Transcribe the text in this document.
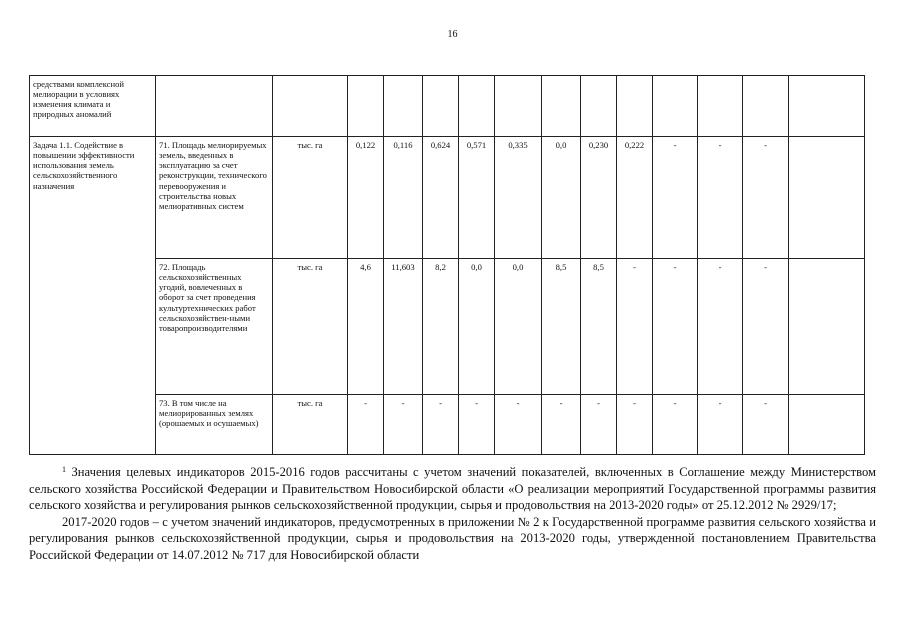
16
средствами комплексной мелиорации в условиях изменения климата и природных аномалий														
Задача 1.1. Содействие в повышении эффективности использования земель сельскохозяйственного назначения	71. Площадь мелиорируемых земель, введенных в эксплуатацию за счет реконструкции, технического перевооружения и строительства новых мелиоративных систем	тыс. га	0,122	0,116	0,624	0,571	0,335	0,0	0,230	0,222	-	-	-	
	72. Площадь сельскохозяйственных угодий, вовлеченных в оборот за счет проведения культуртехнических работ сельскохозяйствен-ными товаропроизводителями	тыс. га	4,6	11,603	8,2	0,0	0,0	8,5	8,5	-	-	-	-	
	73. В том числе на мелиорированных землях (орошаемых и осушаемых)	тыс. га	-	-	-	-	-	-	-	-	-	-	-	

$^1$ Значения целевых индикаторов 2015-2016 годов рассчитаны с учетом значений показателей, включенных в Соглашение между Министерством сельского хозяйства Российской Федерации и Правительством Новосибирской области «О реализации мероприятий Государственной программы развития сельского хозяйства и регулирования рынков сельскохозяйственной продукции, сырья и продовольствия на 2013-2020 годы» от 25.12.2012 № 2929/17;

2017-2020 годов – с учетом значений индикаторов, предусмотренных в приложении № 2 к Государственной программе развития сельского хозяйства и регулирования рынков сельскохозяйственной продукции, сырья и продовольствия на 2013-2020 годы, утвержденной постановлением Правительства Российской Федерации от 14.07.2012 № 717 для Новосибирской области
